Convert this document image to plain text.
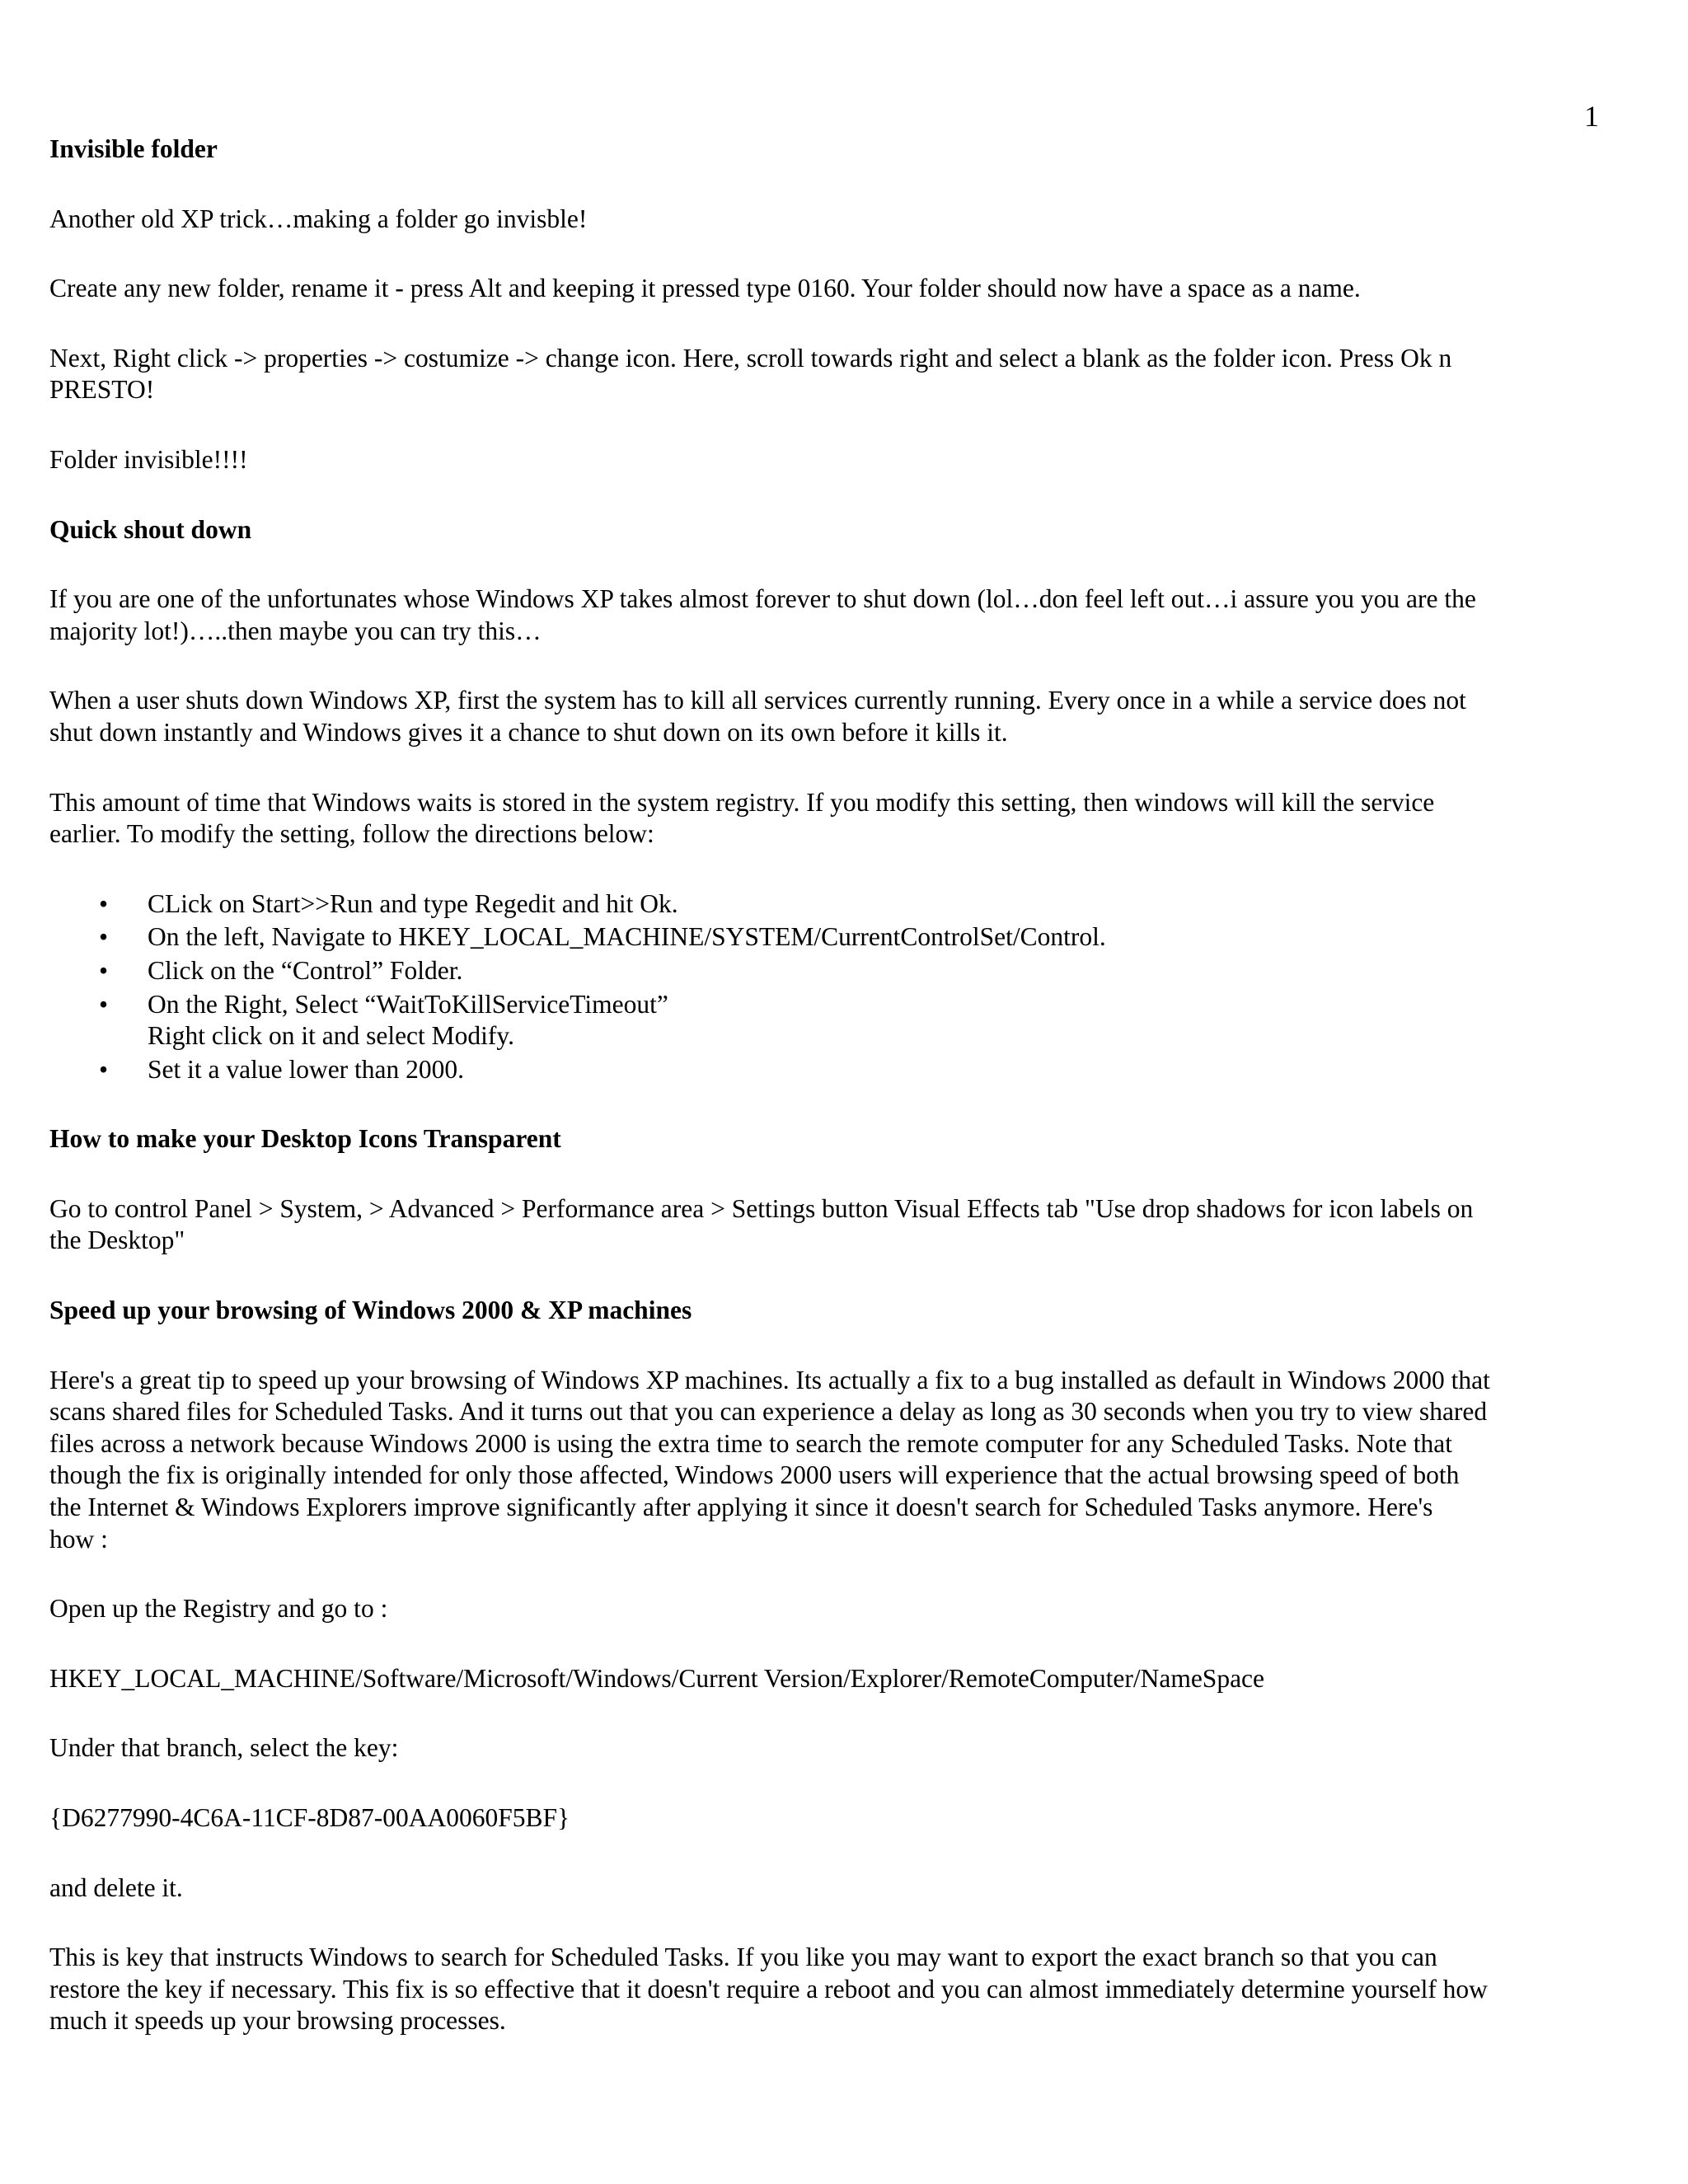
1

Invisible folder

Another old XP trick…making a folder go invisble!

Create any new folder, rename it - press Alt and keeping it pressed type 0160. Your folder should now have a space as a name.

Next, Right click -> properties -> costumize -> change icon. Here, scroll towards right and select a blank as the folder icon. Press Ok n
PRESTO!

Folder invisible!!!!

Quick shout down

If you are one of the unfortunates whose Windows XP takes almost forever to shut down (lol…don feel left out…i assure you you are the
majority lot!)…..then maybe you can try this…

When a user shuts down Windows XP, first the system has to kill all services currently running. Every once in a while a service does not
shut down instantly and Windows gives it a chance to shut down on its own before it kills it.

This amount of time that Windows waits is stored in the system registry. If you modify this setting, then windows will kill the service
earlier. To modify the setting, follow the directions below:

• CLick on Start>>Run and type Regedit and hit Ok.
• On the left, Navigate to HKEY_LOCAL_MACHINE/SYSTEM/CurrentControlSet/Control.
• Click on the “Control” Folder.
• On the Right, Select “WaitToKillServiceTimeout”
Right click on it and select Modify.
• Set it a value lower than 2000.

How to make your Desktop Icons Transparent

Go to control Panel > System, > Advanced > Performance area > Settings button Visual Effects tab "Use drop shadows for icon labels on
the Desktop"

Speed up your browsing of Windows 2000 & XP machines

Here's a great tip to speed up your browsing of Windows XP machines. Its actually a fix to a bug installed as default in Windows 2000 that
scans shared files for Scheduled Tasks. And it turns out that you can experience a delay as long as 30 seconds when you try to view shared
files across a network because Windows 2000 is using the extra time to search the remote computer for any Scheduled Tasks. Note that
though the fix is originally intended for only those affected, Windows 2000 users will experience that the actual browsing speed of both
the Internet & Windows Explorers improve significantly after applying it since it doesn't search for Scheduled Tasks anymore. Here's
how :

Open up the Registry and go to :

HKEY_LOCAL_MACHINE/Software/Microsoft/Windows/Current Version/Explorer/RemoteComputer/NameSpace

Under that branch, select the key:

{D6277990-4C6A-11CF-8D87-00AA0060F5BF}

and delete it.

This is key that instructs Windows to search for Scheduled Tasks. If you like you may want to export the exact branch so that you can
restore the key if necessary. This fix is so effective that it doesn't require a reboot and you can almost immediately determine yourself how
much it speeds up your browsing processes.
